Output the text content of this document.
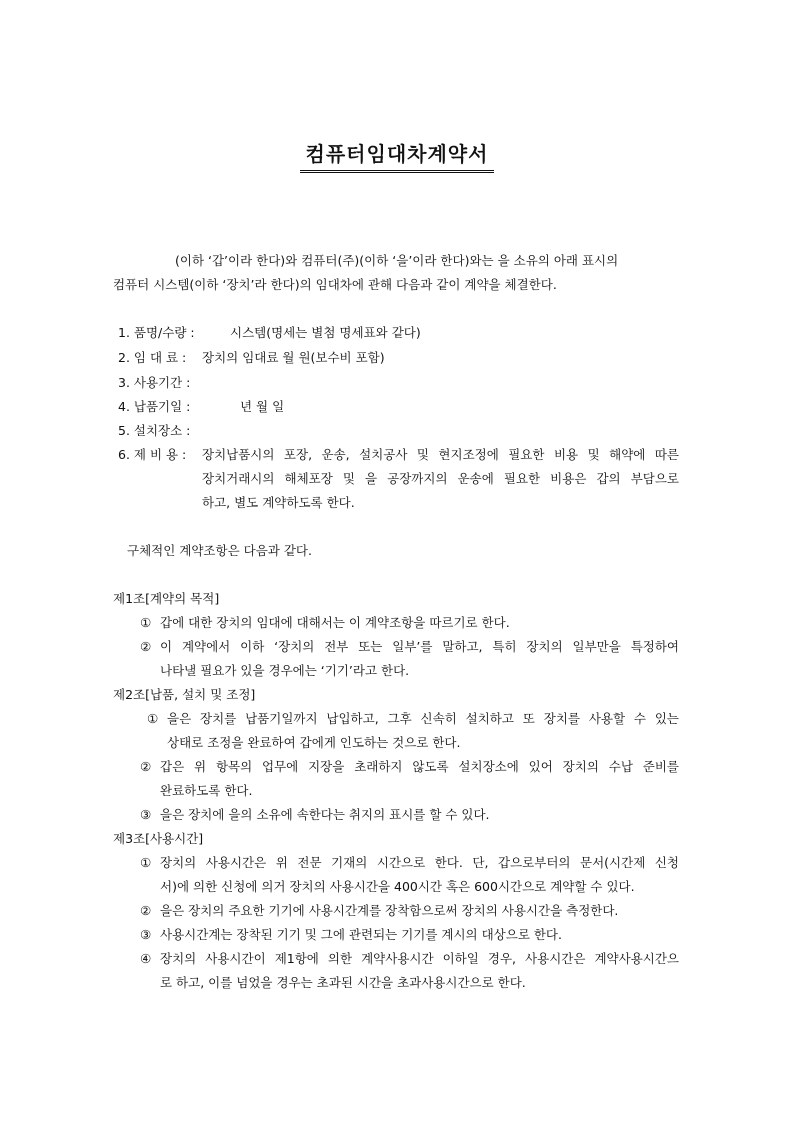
컴퓨터임대차계약서
(이하 ‘갑’이라 한다)와 컴퓨터(주)(이하 ‘을’이라 한다)와는 을 소유의 아래 표시의
컴퓨터 시스템(이하 ‘장치’라 한다)의 임대차에 관해 다음과 같이 계약을 체결한다.
1. 품명/수량 :	시스템(명세는 별첨 명세표와 같다)
2. 임 대 료 : 장치의 임대료 월 원(보수비 포함)
3. 사용기간 :
4. 납품기일 :	년 월 일
5. 설치장소 :
6. 제 비 용 : 장치납품시의 포장, 운송, 설치공사 및 현지조정에 필요한 비용 및 해약에 따른
장치거래시의 해체포장 및 을 공장까지의 운송에 필요한 비용은 갑의 부담으로
하고, 별도 계약하도록 한다.
구체적인 계약조항은 다음과 같다.
제1조[계약의 목적]
① 갑에 대한 장치의 임대에 대해서는 이 계약조항을 따르기로 한다.
② 이 계약에서 이하 ‘장치의 전부 또는 일부’를 말하고, 특히 장치의 일부만을 특정하여
나타낼 필요가 있을 경우에는 ‘기기’라고 한다.
제2조[납품, 설치 및 조정]
① 을은 장치를 납품기일까지 납입하고, 그후 신속히 설치하고 또 장치를 사용할 수 있는
상태로 조정을 완료하여 갑에게 인도하는 것으로 한다.
② 갑은 위 항목의 업무에 지장을 초래하지 않도록 설치장소에 있어 장치의 수납 준비를
완료하도록 한다.
③ 을은 장치에 을의 소유에 속한다는 취지의 표시를 할 수 있다.
제3조[사용시간]
① 장치의 사용시간은 위 전문 기재의 시간으로 한다. 단, 갑으로부터의 문서(시간제 신청
서)에 의한 신청에 의거 장치의 사용시간을 400시간 혹은 600시간으로 계약할 수 있다.
② 을은 장치의 주요한 기기에 사용시간계를 장착함으로써 장치의 사용시간을 측정한다.
③ 사용시간계는 장착된 기기 및 그에 관련되는 기기를 계시의 대상으로 한다.
④ 장치의 사용시간이 제1항에 의한 계약사용시간 이하일 경우, 사용시간은 계약사용시간으
로 하고, 이를 넘었을 경우는 초과된 시간을 초과사용시간으로 한다.
